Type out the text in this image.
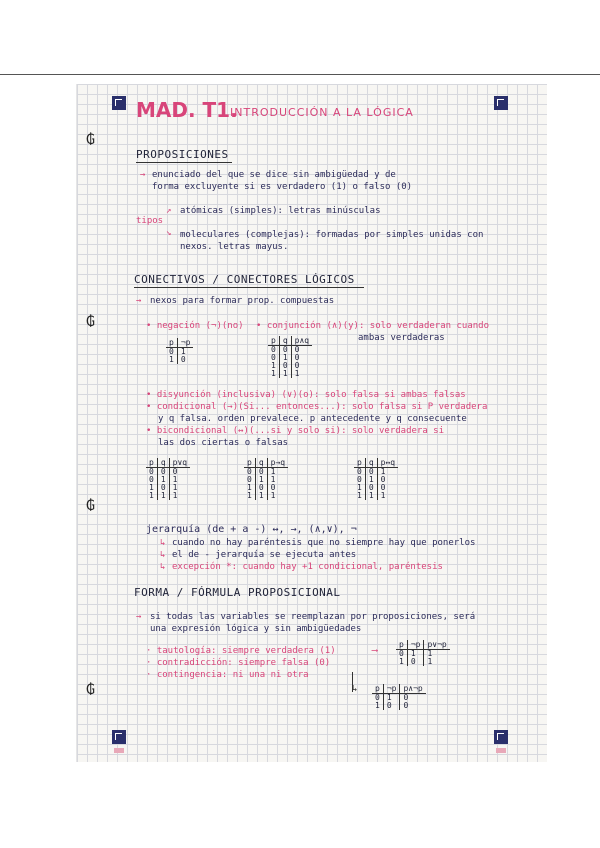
₲
₲
₲
₲
MAD. T1.
INTRODUCCIÓN A LA LÓGICA
PROPOSICIONES
→ enunciado del que se dice sin ambigüedad y de
forma excluyente si es verdadero (1) o falso (0)
tipos
↗ atómicas (simples): letras minúsculas
↘ moleculares (complejas): formadas por simples unidas con
nexos. letras mayus.
CONECTIVOS / CONECTORES LÓGICOS
→ nexos para formar prop. compuestas
• negación (¬)(no) • conjunción (∧)(y): solo verdaderan cuando
ambas verdaderas
p	¬p
0	1
1	0
p	q	p∧q
0	0	0
0	1	0
1	0	0
1	1	1
• disyunción (inclusiva) (∨)(o): solo falsa si ambas falsas
• condicional (→)(Si... entonces...): solo falsa si P verdadera
y q falsa. orden prevalece. p antecedente y q consecuente
• bicondicional (↔)(...si y solo si): solo verdadera si
las dos ciertas o falsas
p	q	p∨q
0	0	0
0	1	1
1	0	1
1	1	1
p	q	p→q
0	0	1
0	1	1
1	0	0
1	1	1
p	q	p↔q
0	0	1
0	1	0
1	0	0
1	1	1
jerarquía (de + a -) ↔, →, (∧,∨), ¬
↳ cuando no hay paréntesis que no siempre hay que ponerlos
↳ el de - jerarquía se ejecuta antes
↳ excepción *: cuando hay +1 condicional, paréntesis
FORMA / FÓRMULA PROPOSICIONAL
→ si todas las variables se reemplazan por proposiciones, será
una expresión lógica y sin ambigüedades
· tautología: siempre verdadera (1)	⟶
· contradicción: siempre falsa (0)
· contingencia: ni una ni otra
p	¬p	p∨¬p
0	1	1
1	0	1
↳ p	¬p	p∧¬p
0	1	0
1	0	0
